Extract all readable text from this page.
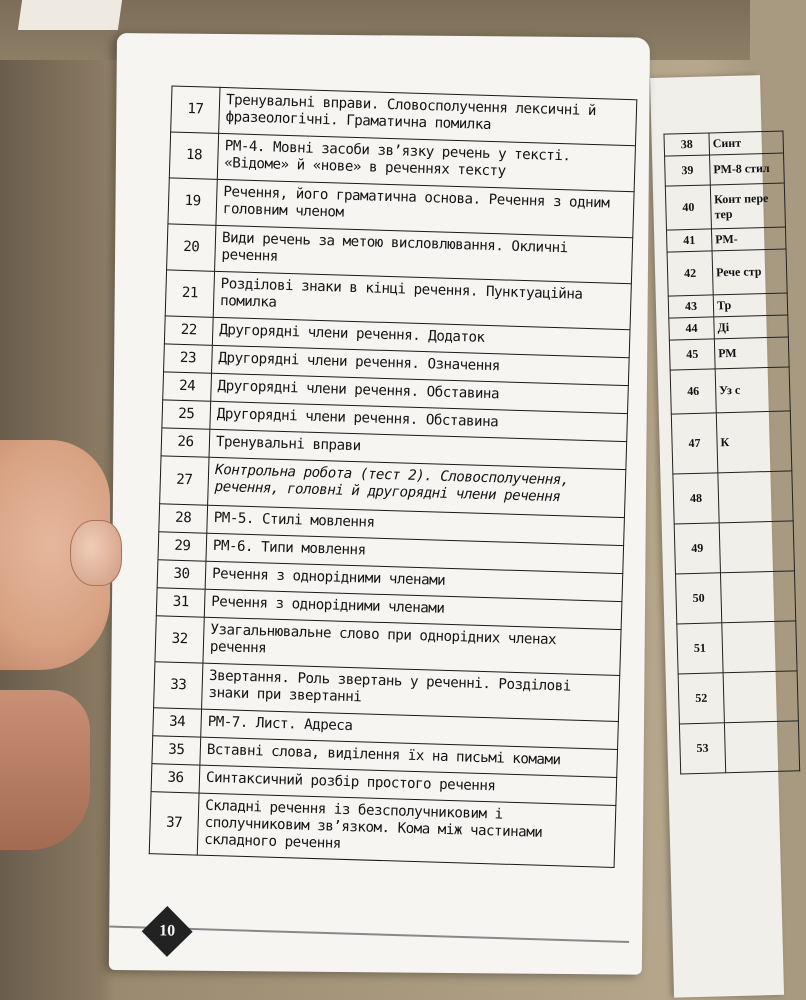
38	Синт
39	РМ-8 стил
40	Конт пере тер
41	РМ-
42	Рече стр
43	Тр
44	Ді
45	РМ
46	Уз с
47	К
48	
49	
50	
51	
52	
53	
17	Тренувальні вправи. Словосполучення лексичні й фразеологічні. Граматична помилка
18	РМ-4. Мовні засоби зв’язку речень у тексті. «Відоме» й «нове» в реченнях тексту
19	Речення, його граматична основа. Речення з одним головним членом
20	Види речень за метою висловлювання. Окличні речення
21	Розділові знаки в кінці речення. Пунктуаційна помилка
22	Другорядні члени речення. Додаток
23	Другорядні члени речення. Означення
24	Другорядні члени речення. Обставина
25	Другорядні члени речення. Обставина
26	Тренувальні вправи
27	Контрольна робота (тест 2). Словосполучення, речення, головні й другорядні члени речення
28	РМ-5. Стилі мовлення
29	РМ-6. Типи мовлення
30	Речення з однорідними членами
31	Речення з однорідними членами
32	Узагальнювальне слово при однорідних членах речення
33	Звертання. Роль звертань у реченні. Розділові знаки при звертанні
34	РМ-7. Лист. Адреса
35	Вставні слова, виділення їх на письмі комами
36	Синтаксичний розбір простого речення
37	Складні речення із безсполучниковим і сполучниковим зв’язком. Кома між частинами складного речення
10
